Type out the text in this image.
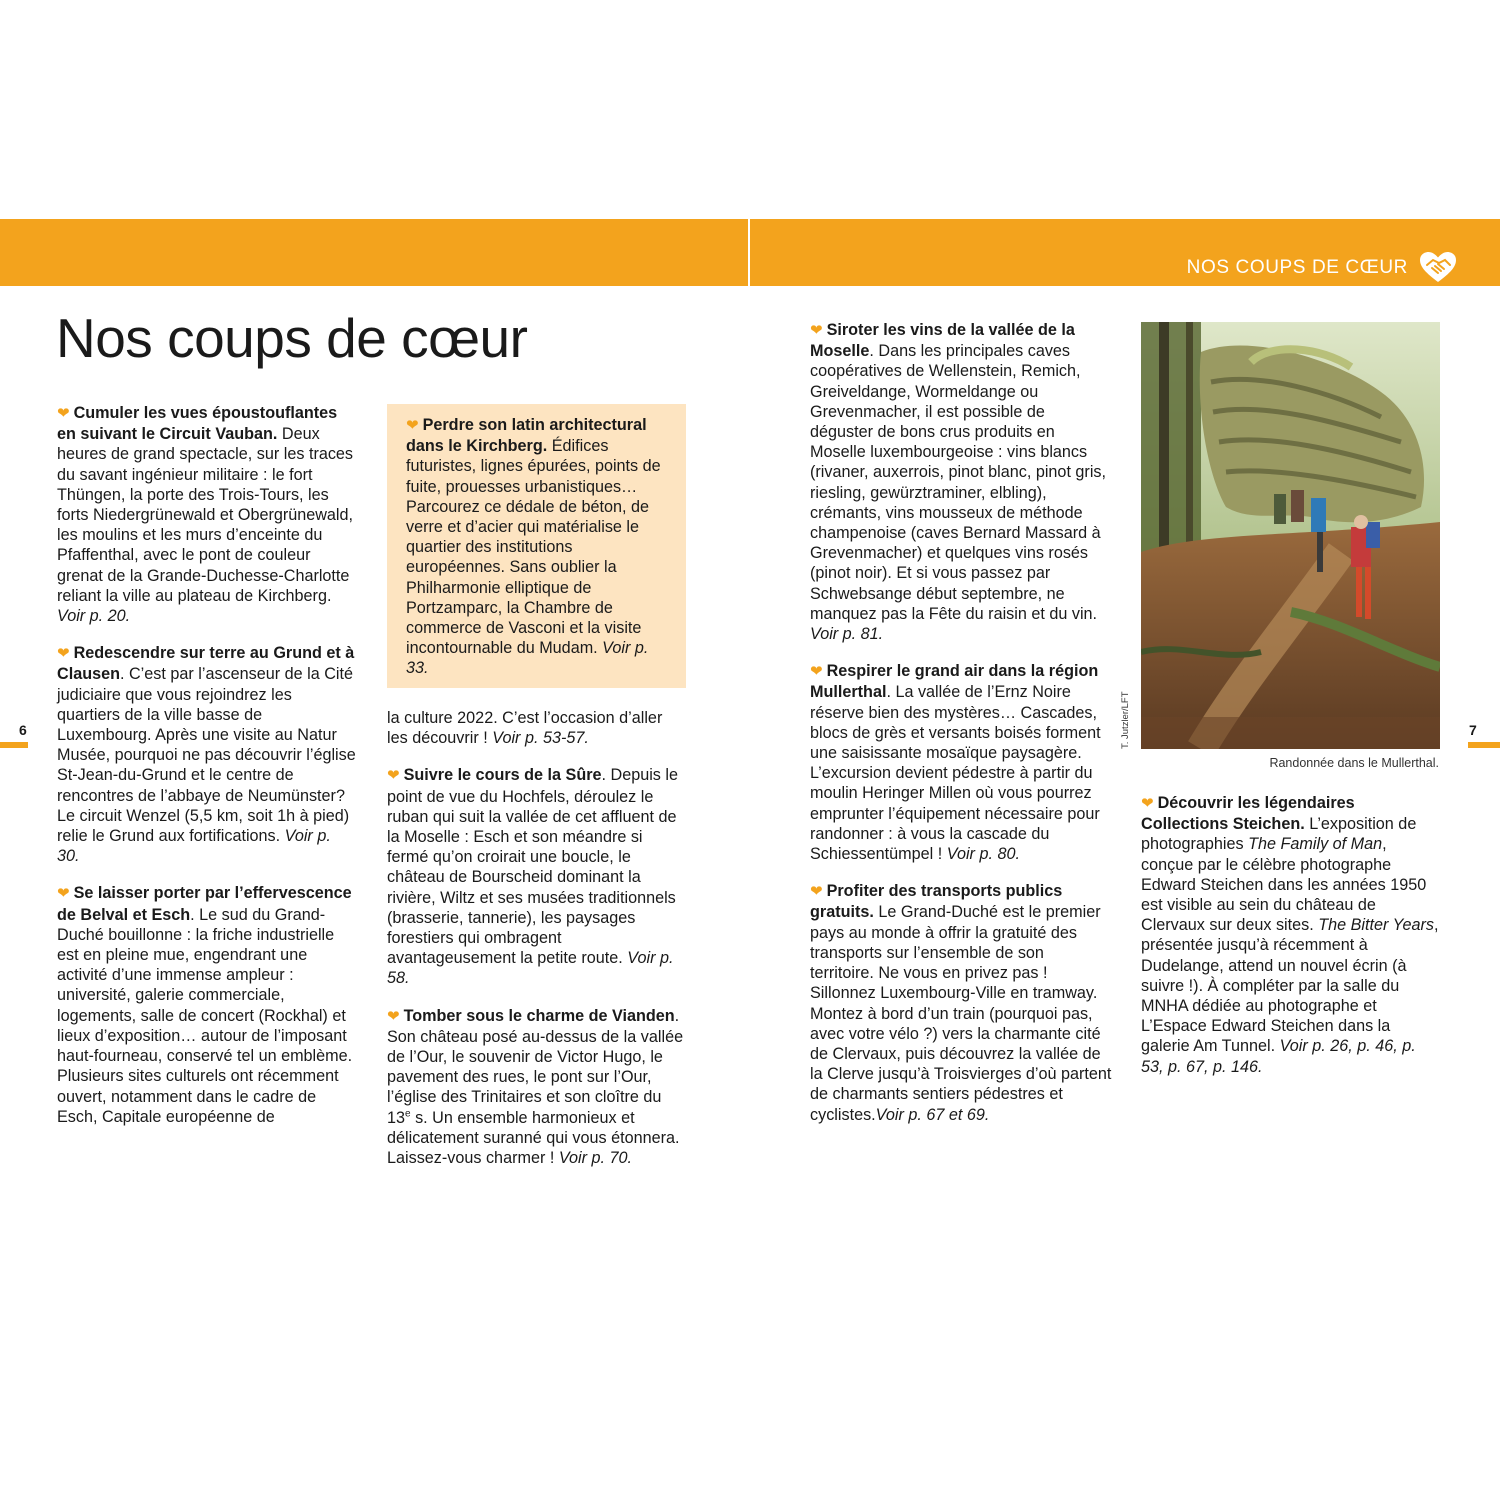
NOS COUPS DE CŒUR
Nos coups de cœur

❤ Cumuler les vues époustouflantes en suivant le Circuit Vauban. Deux heures de grand spectacle, sur les traces du savant ingénieur militaire : le fort Thüngen, la porte des Trois-Tours, les forts Niedergrünewald et Obergrünewald, les moulins et les murs d’enceinte du Pfaffenthal, avec le pont de couleur grenat de la Grande-Duchesse-Charlotte reliant la ville au plateau de Kirchberg. Voir p. 20.

❤ Redescendre sur terre au Grund et à Clausen. C’est par l’ascenseur de la Cité judiciaire que vous rejoindrez les quartiers de la ville basse de Luxembourg. Après une visite au Natur Musée, pourquoi ne pas découvrir l’église St-Jean-du-Grund et le centre de rencontres de l’abbaye de Neumünster? Le circuit Wenzel (5,5 km, soit 1h à pied) relie le Grund aux fortifications. Voir p. 30.

❤ Se laisser porter par l’effervescence de Belval et Esch. Le sud du Grand-Duché bouillonne : la friche industrielle est en pleine mue, engendrant une activité d’une immense ampleur : université, galerie commerciale, logements, salle de concert (Rockhal) et lieux d’exposition… autour de l’imposant haut-fourneau, conservé tel un emblème. Plusieurs sites culturels ont récemment ouvert, notamment dans le cadre de Esch, Capitale européenne de

❤ Perdre son latin architectural dans le Kirchberg. Édifices futuristes, lignes épurées, points de fuite, prouesses urbanistiques… Parcourez ce dédale de béton, de verre et d’acier qui matérialise le quartier des institutions européennes. Sans oublier la Philharmonie elliptique de Portzamparc, la Chambre de commerce de Vasconi et la visite incontournable du Mudam. Voir p. 33.

la culture 2022. C’est l’occasion d’aller les découvrir ! Voir p. 53-57.

❤ Suivre le cours de la Sûre. Depuis le point de vue du Hochfels, déroulez le ruban qui suit la vallée de cet affluent de la Moselle : Esch et son méandre si fermé qu’on croirait une boucle, le château de Bourscheid dominant la rivière, Wiltz et ses musées traditionnels (brasserie, tannerie), les paysages forestiers qui ombragent avantageusement la petite route. Voir p. 58.

❤ Tomber sous le charme de Vianden. Son château posé au-dessus de la vallée de l’Our, le souvenir de Victor Hugo, le pavement des rues, le pont sur l’Our, l’église des Trinitaires et son cloître du 13e s. Un ensemble harmonieux et délicatement suranné qui vous étonnera. Laissez-vous charmer ! Voir p. 70.

❤ Siroter les vins de la vallée de la Moselle. Dans les principales caves coopératives de Wellenstein, Remich, Greiveldange, Wormeldange ou Grevenmacher, il est possible de déguster de bons crus produits en Moselle luxembourgeoise : vins blancs (rivaner, auxerrois, pinot blanc, pinot gris, riesling, gewürztraminer, elbling), crémants, vins mousseux de méthode champenoise (caves Bernard Massard à Grevenmacher) et quelques vins rosés (pinot noir). Et si vous passez par Schwebsange début septembre, ne manquez pas la Fête du raisin et du vin. Voir p. 81.

❤ Respirer le grand air dans la région Mullerthal. La vallée de l’Ernz Noire réserve bien des mystères… Cascades, blocs de grès et versants boisés forment une saisissante mosaïque paysagère. L’excursion devient pédestre à partir du moulin Heringer Millen où vous pourrez emprunter l’équipement nécessaire pour randonner : à vous la cascade du Schiessentümpel ! Voir p. 80.

❤ Profiter des transports publics gratuits. Le Grand-Duché est le premier pays au monde à offrir la gratuité des transports sur l’ensemble de son territoire. Ne vous en privez pas ! Sillonnez Luxembourg-Ville en tramway. Montez à bord d’un train (pourquoi pas, avec votre vélo ?) vers la charmante cité de Clervaux, puis découvrez la vallée de la Clerve jusqu’à Troisvierges d’où partent de charmants sentiers pédestres et cyclistes.Voir p. 67 et 69.

T. Jutzler/LFT
Randonnée dans le Mullerthal.

❤ Découvrir les légendaires Collections Steichen. L’exposition de photographies The Family of Man, conçue par le célèbre photographe Edward Steichen dans les années 1950 est visible au sein du château de Clervaux sur deux sites. The Bitter Years, présentée jusqu’à récemment à Dudelange, attend un nouvel écrin (à suivre !). À compléter par la salle du MNHA dédiée au photographe et L’Espace Edward Steichen dans la galerie Am Tunnel. Voir p. 26, p. 46, p. 53, p. 67, p. 146.

6	7
